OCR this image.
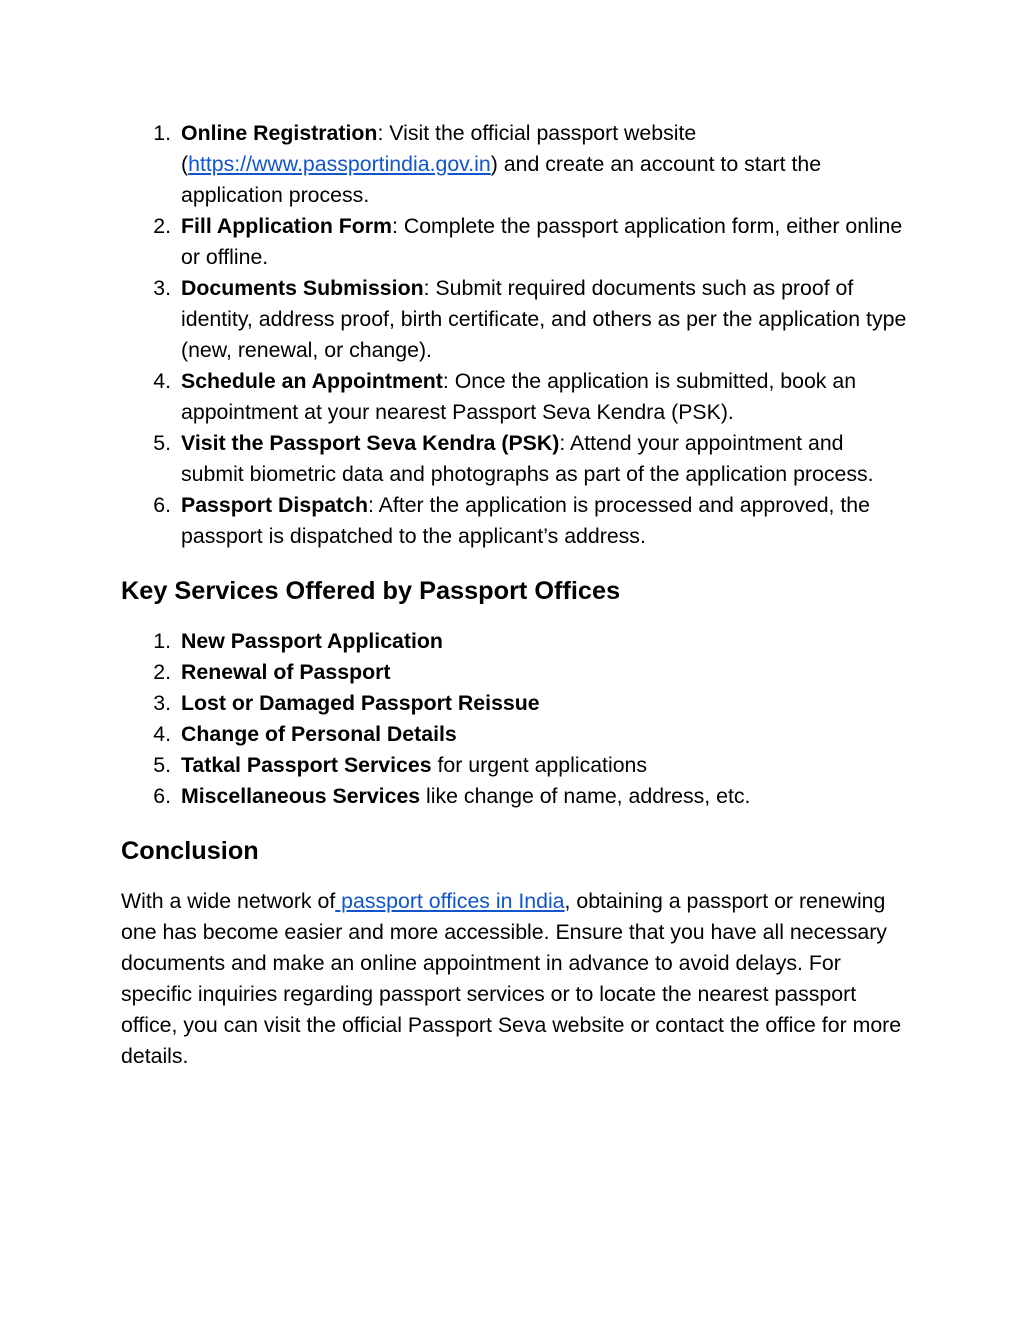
1. Online Registration: Visit the official passport website (https://www.passportindia.gov.in) and create an account to start the application process.
2. Fill Application Form: Complete the passport application form, either online or offline.
3. Documents Submission: Submit required documents such as proof of identity, address proof, birth certificate, and others as per the application type (new, renewal, or change).
4. Schedule an Appointment: Once the application is submitted, book an appointment at your nearest Passport Seva Kendra (PSK).
5. Visit the Passport Seva Kendra (PSK): Attend your appointment and submit biometric data and photographs as part of the application process.
6. Passport Dispatch: After the application is processed and approved, the passport is dispatched to the applicant’s address.
Key Services Offered by Passport Offices
1. New Passport Application
2. Renewal of Passport
3. Lost or Damaged Passport Reissue
4. Change of Personal Details
5. Tatkal Passport Services for urgent applications
6. Miscellaneous Services like change of name, address, etc.
Conclusion

With a wide network of passport offices in India, obtaining a passport or renewing one has become easier and more accessible. Ensure that you have all necessary documents and make an online appointment in advance to avoid delays. For specific inquiries regarding passport services or to locate the nearest passport office, you can visit the official Passport Seva website or contact the office for more details.
